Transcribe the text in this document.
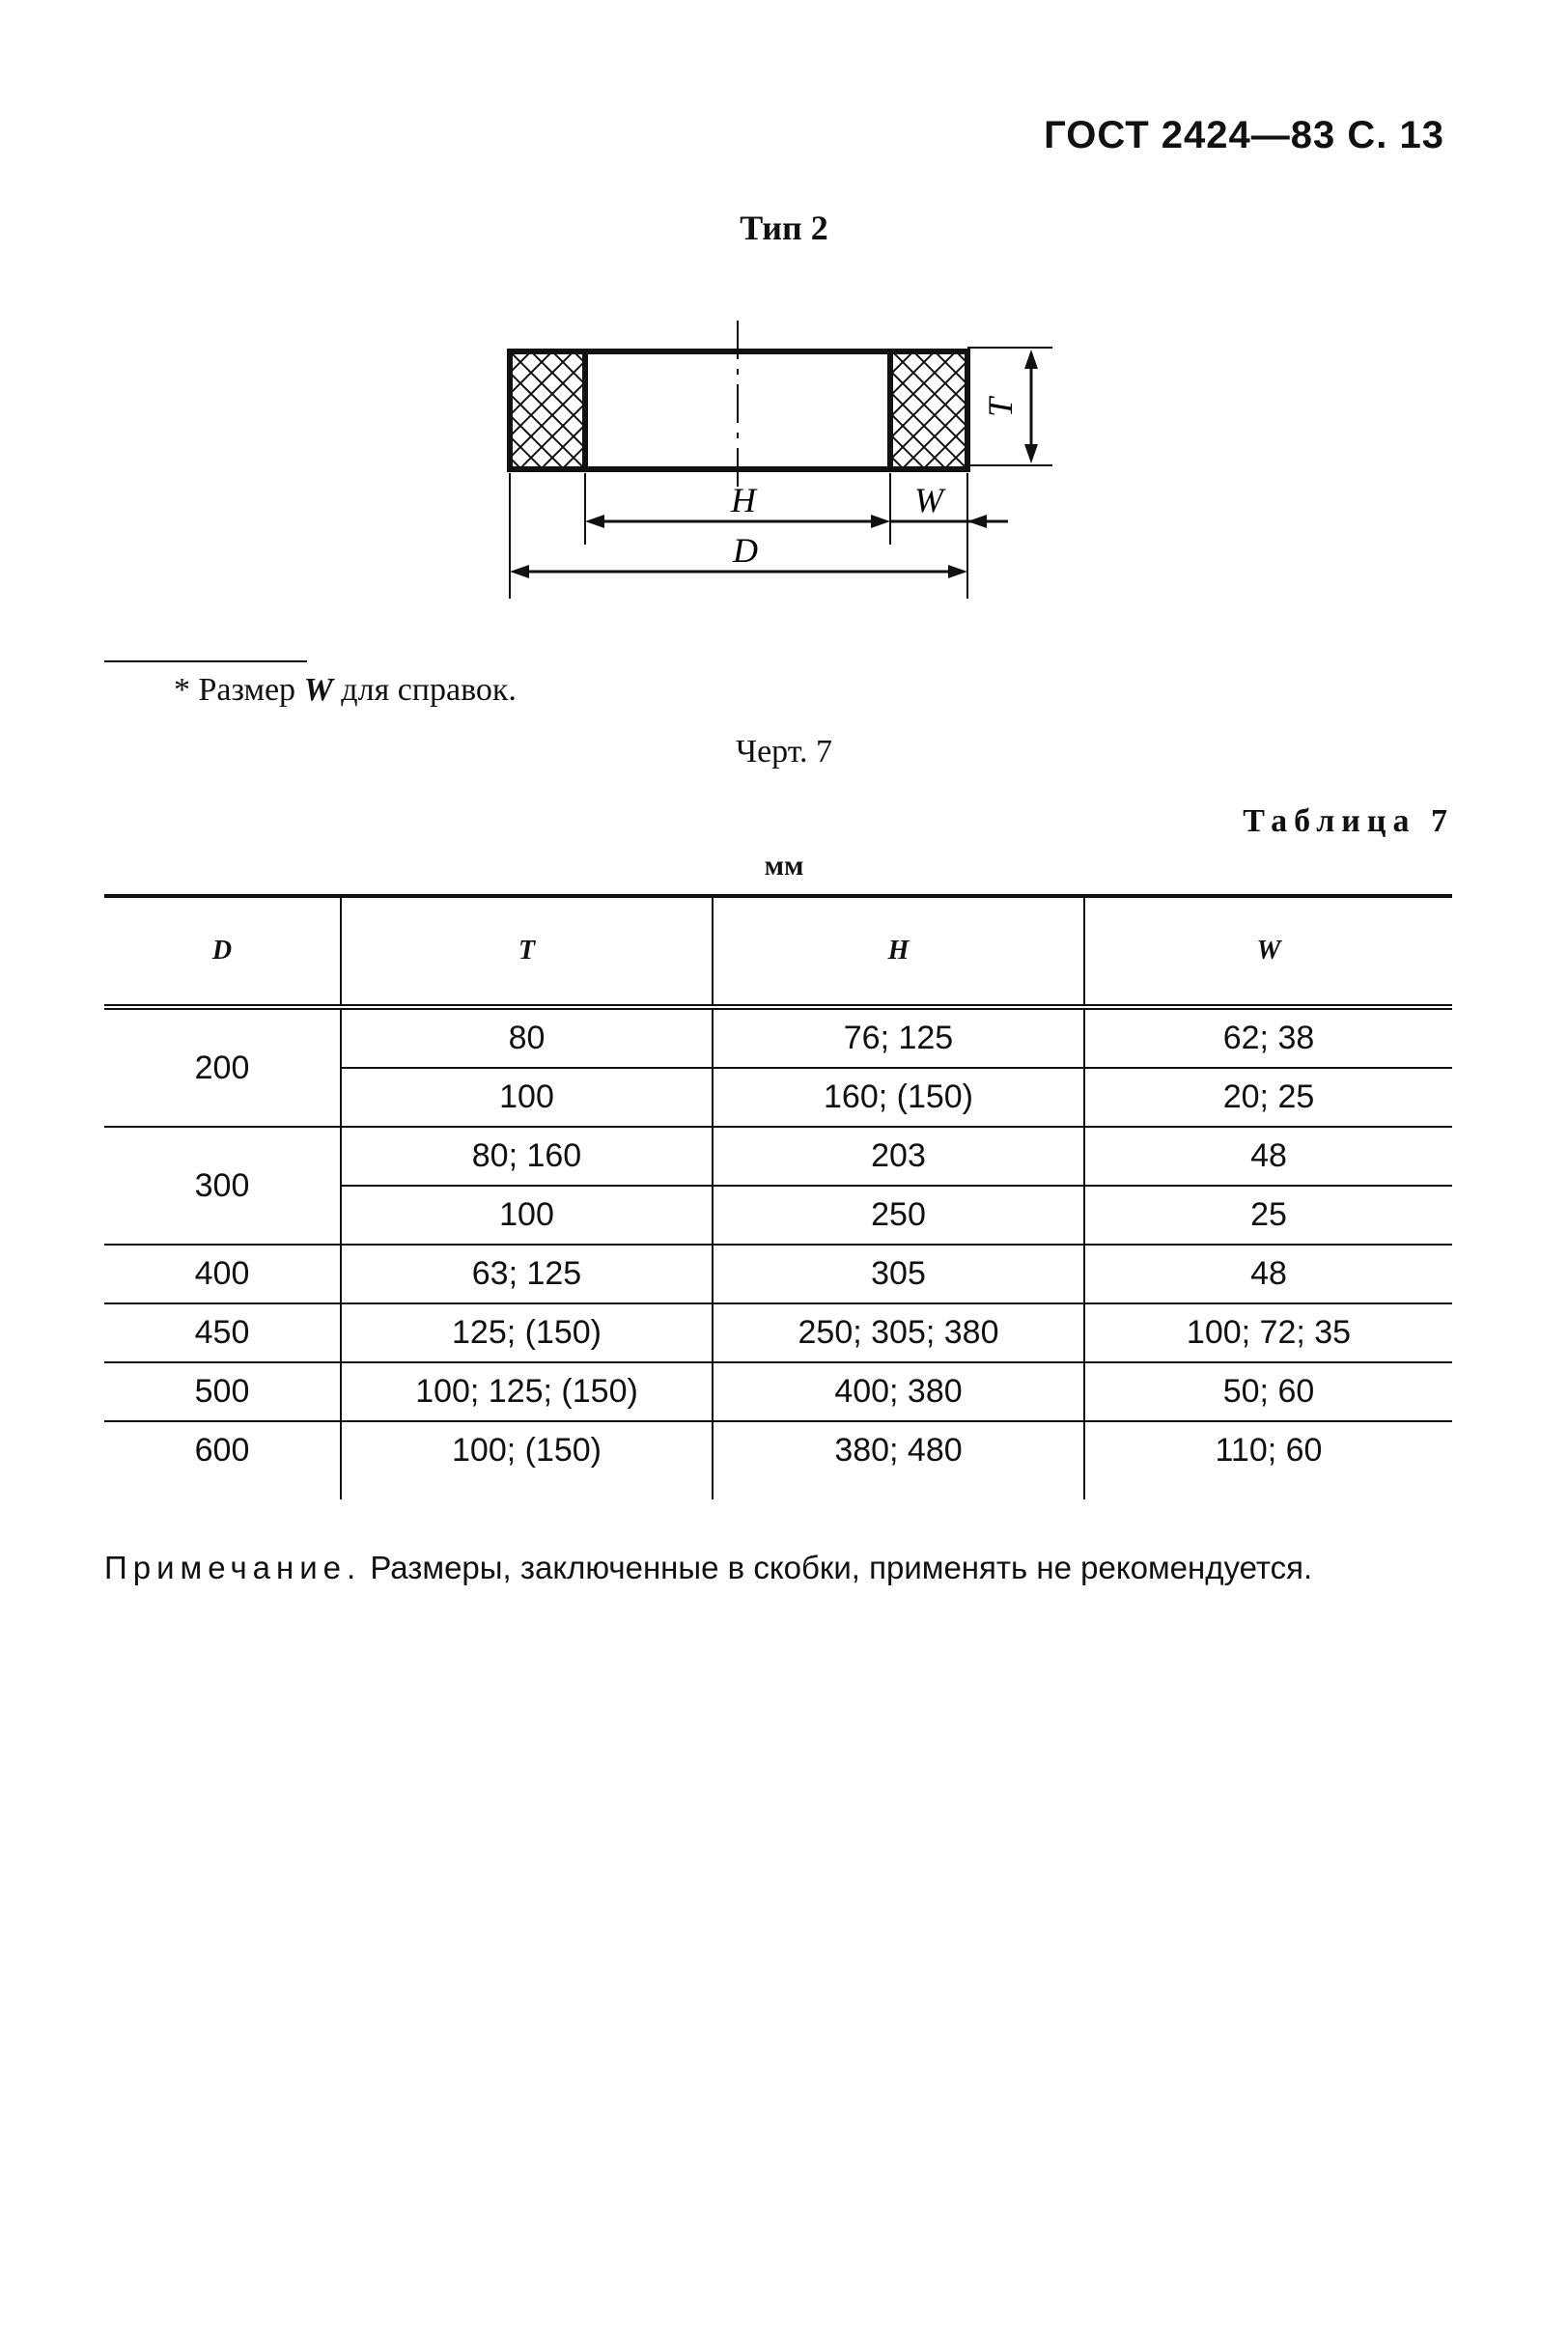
ГОСТ 2424—83 С. 13
Тип 2
T
H	W
D
* Размер W для справок.
Черт. 7
Таблица 7
мм
D	T	H	W
200	80	76; 125	62; 38
	100	160; (150)	20; 25
300	80; 160	203	48
	100	250	25
400	63; 125	305	48
450	125; (150)	250; 305; 380	100; 72; 35
500	100; 125; (150)	400; 380	50; 60
600	100; (150)	380; 480	110; 60
Примечание. Размеры, заключенные в скобки, применять не рекомендуется.
